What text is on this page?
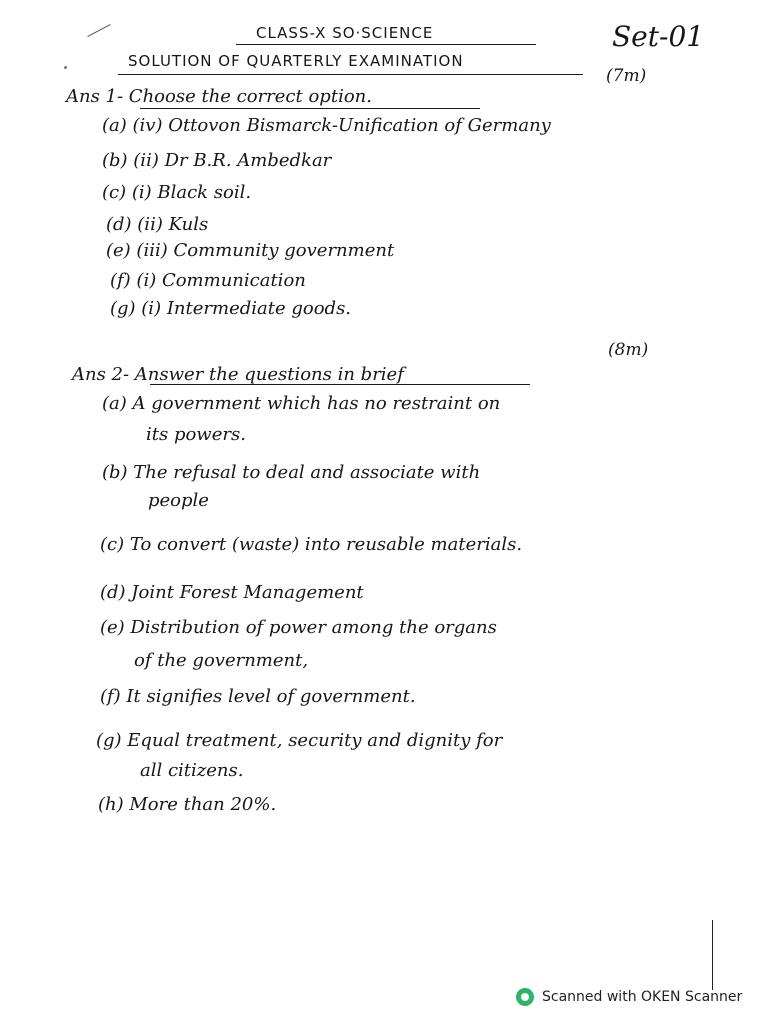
CLASS-X SO·SCIENCE	Set-01
SOLUTION OF QUARTERLY EXAMINATION
(7m)
Ans 1- Choose the correct option.
(a) (iv) Ottovon Bismarck-Unification of Germany
(b) (ii) Dr B.R. Ambedkar
(c) (i) Black soil.
(d) (ii) Kuls
(e) (iii) Community government
(f) (i) Communication
(g) (i) Intermediate goods.
(8m)
Ans 2- Answer the questions in brief
(a) A government which has no restraint on
its powers.
(b) The refusal to deal and associate with
people
(c) To convert (waste) into reusable materials.
(d) Joint Forest Management
(e) Distribution of power among the organs
of the government,
(f) It signifies level of government.
(g) Equal treatment, security and dignity for
all citizens.
(h) More than 20%.
Scanned with OKEN Scanner
